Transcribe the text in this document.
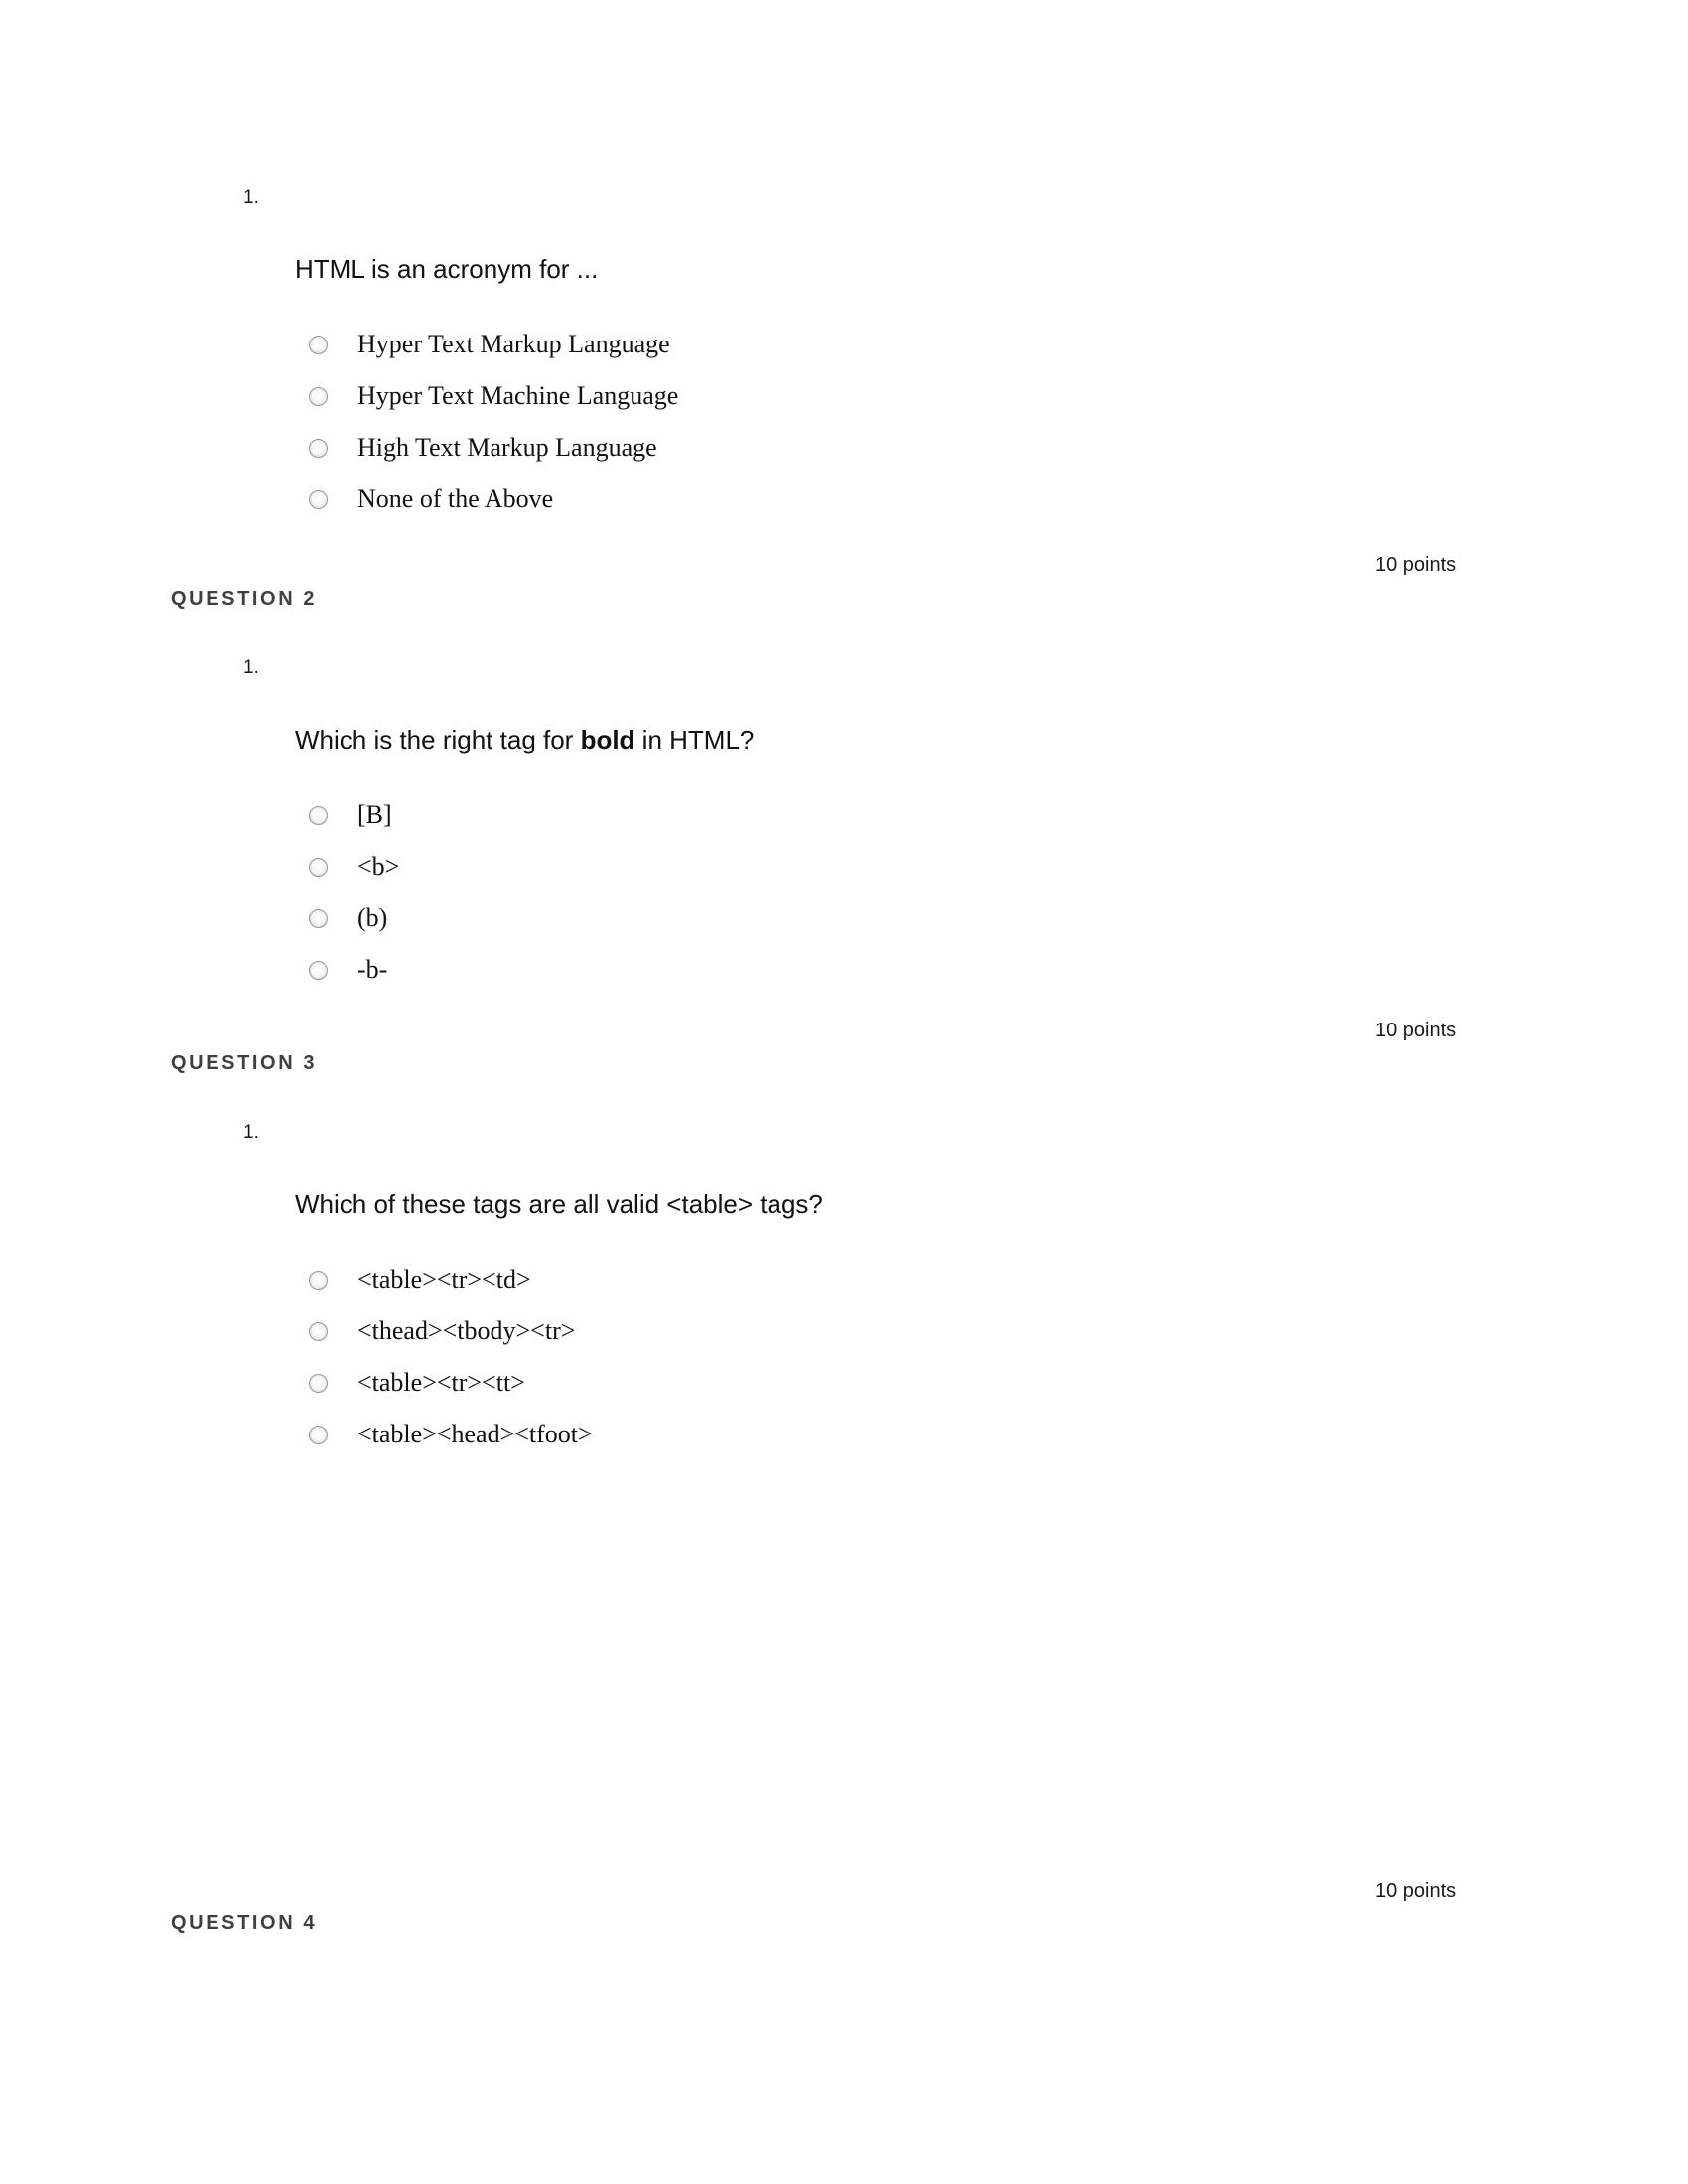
1.
HTML is an acronym for ...
Hyper Text Markup Language
Hyper Text Machine Language
High Text Markup Language
None of the Above
10 points
QUESTION 2
1.
Which is the right tag for bold in HTML?
[B]
<b>
(b)
-b-
10 points
QUESTION 3
1.
Which of these tags are all valid <table> tags?
<table><tr><td>
<thead><tbody><tr>
<table><tr><tt>
<table><head><tfoot>
10 points
QUESTION 4
